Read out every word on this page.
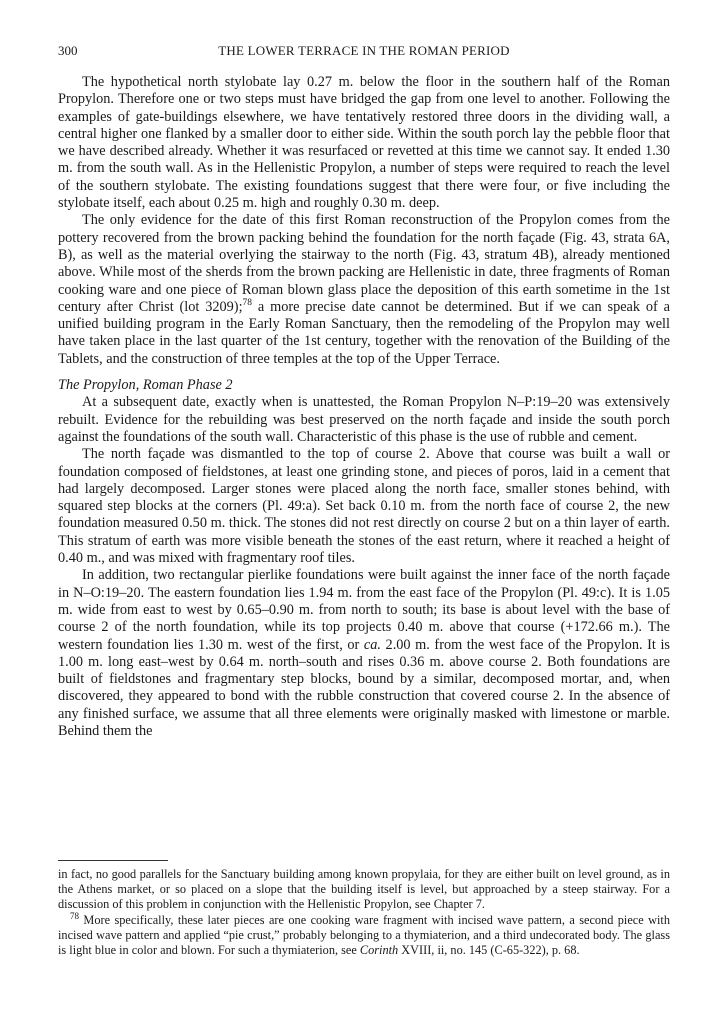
300	THE LOWER TERRACE IN THE ROMAN PERIOD

The hypothetical north stylobate lay 0.27 m. below the floor in the southern half of the Roman Propylon. Therefore one or two steps must have bridged the gap from one level to another. Following the examples of gate-buildings elsewhere, we have tentatively restored three doors in the dividing wall, a central higher one flanked by a smaller door to either side. Within the south porch lay the pebble floor that we have described already. Whether it was resurfaced or revetted at this time we cannot say. It ended 1.30 m. from the south wall. As in the Hellenistic Propylon, a number of steps were required to reach the level of the southern stylobate. The existing foundations suggest that there were four, or five including the stylobate itself, each about 0.25 m. high and roughly 0.30 m. deep.

The only evidence for the date of this first Roman reconstruction of the Propylon comes from the pottery recovered from the brown packing behind the foundation for the north façade (Fig. 43, strata 6A, B), as well as the material overlying the stairway to the north (Fig. 43, stratum 4B), already mentioned above. While most of the sherds from the brown packing are Hellenistic in date, three fragments of Roman cooking ware and one piece of Roman blown glass place the deposition of this earth sometime in the 1st century after Christ (lot 3209);$^{78}$ a more precise date cannot be determined. But if we can speak of a unified building program in the Early Roman Sanctuary, then the remodeling of the Propylon may well have taken place in the last quarter of the 1st century, together with the renovation of the Building of the Tablets, and the construction of three temples at the top of the Upper Terrace.

The Propylon, Roman Phase 2

At a subsequent date, exactly when is unattested, the Roman Propylon N–P:19–20 was extensively rebuilt. Evidence for the rebuilding was best preserved on the north façade and inside the south porch against the foundations of the south wall. Characteristic of this phase is the use of rubble and cement.

The north façade was dismantled to the top of course 2. Above that course was built a wall or foundation composed of fieldstones, at least one grinding stone, and pieces of poros, laid in a cement that had largely decomposed. Larger stones were placed along the north face, smaller stones behind, with squared step blocks at the corners (Pl. 49:a). Set back 0.10 m. from the north face of course 2, the new foundation measured 0.50 m. thick. The stones did not rest directly on course 2 but on a thin layer of earth. This stratum of earth was more visible beneath the stones of the east return, where it reached a height of 0.40 m., and was mixed with fragmentary roof tiles.

In addition, two rectangular pierlike foundations were built against the inner face of the north façade in N–O:19–20. The eastern foundation lies 1.94 m. from the east face of the Propylon (Pl. 49:c). It is 1.05 m. wide from east to west by 0.65–0.90 m. from north to south; its base is about level with the base of course 2 of the north foundation, while its top projects 0.40 m. above that course (+172.66 m.). The western foundation lies 1.30 m. west of the first, or ca. 2.00 m. from the west face of the Propylon. It is 1.00 m. long east–west by 0.64 m. north–south and rises 0.36 m. above course 2. Both foundations are built of fieldstones and fragmentary step blocks, bound by a similar, decomposed mortar, and, when discovered, they appeared to bond with the rubble construction that covered course 2. In the absence of any finished surface, we assume that all three elements were originally masked with limestone or marble. Behind them the

in fact, no good parallels for the Sanctuary building among known propylaia, for they are either built on level ground, as in the Athens market, or so placed on a slope that the building itself is level, but approached by a steep stairway. For a discussion of this problem in conjunction with the Hellenistic Propylon, see Chapter 7.

$^{78}$ More specifically, these later pieces are one cooking ware fragment with incised wave pattern, a second piece with incised wave pattern and applied “pie crust,” probably belonging to a thymiaterion, and a third undecorated body. The glass is light blue in color and blown. For such a thymiaterion, see Corinth XVIII, ii, no. 145 (C-65-322), p. 68.
